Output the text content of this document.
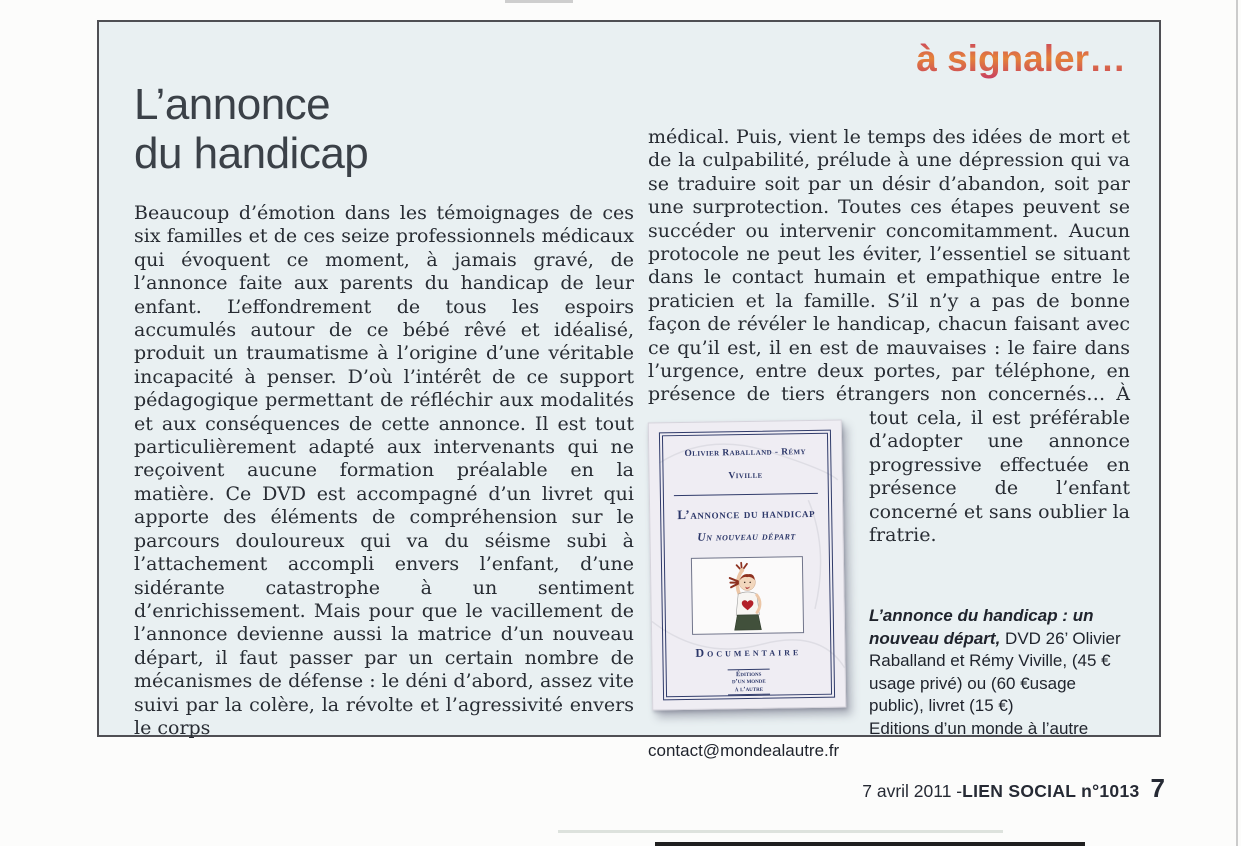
à signaler…
L’annonce
du handicap
Beaucoup d’émotion dans les témoignages de ces six familles et de ces seize professionnels médicaux qui évoquent ce moment, à jamais gravé, de l’annonce faite aux parents du handicap de leur enfant. L’effondrement de tous les espoirs accumulés autour de ce bébé rêvé et idéalisé, produit un traumatisme à l’origine d’une véritable incapacité à penser. D’où l’intérêt de ce support pédagogique permettant de réfléchir aux modalités et aux conséquences de cette annonce. Il est tout particulièrement adapté aux intervenants qui ne reçoivent aucune formation préalable en la matière. Ce DVD est accompagné d’un livret qui apporte des éléments de compréhension sur le parcours douloureux qui va du séisme subi à l’attachement accompli envers l’enfant, d’une sidérante catastrophe à un sentiment d’enrichissement. Mais pour que le vacillement de l’annonce devienne aussi la matrice d’un nouveau départ, il faut passer par un certain nombre de mécanismes de défense : le déni d’abord, assez vite suivi par la colère, la révolte et l’agressivité envers le corps
médical. Puis, vient le temps des idées de mort et de la culpabilité, prélude à une dépression qui va se traduire soit par un désir d’abandon, soit par une surprotection. Toutes ces étapes peuvent se succéder ou intervenir concomitamment. Aucun protocole ne peut les éviter, l’essentiel se situant dans le contact humain et empathique entre le praticien et la famille. S’il n’y a pas de bonne façon de révéler le handicap, chacun faisant avec ce qu’il est, il en est de mauvaises : le faire dans l’urgence, entre deux portes, par téléphone, en présence de tiers étrangers non concernés… À tout
Olivier Raballand - Rémy Viville
L’annonce du handicap
Un nouveau départ
Documentaire
Éditions
d’un monde
à l’autre
cela, il est préférable d’adopter une annonce progressive effectuée en présence de l’enfant concerné et sans oublier la fratrie.
L’annonce du handicap : un nouveau départ, DVD 26’ Olivier Raballand et Rémy Viville, (45 € usage privé) ou (60 €usage public), livret (15 €)
Editions d’un monde à l’autre
contact@mondealautre.fr
7 avril 2011 - LIEN SOCIAL n°1013 7
